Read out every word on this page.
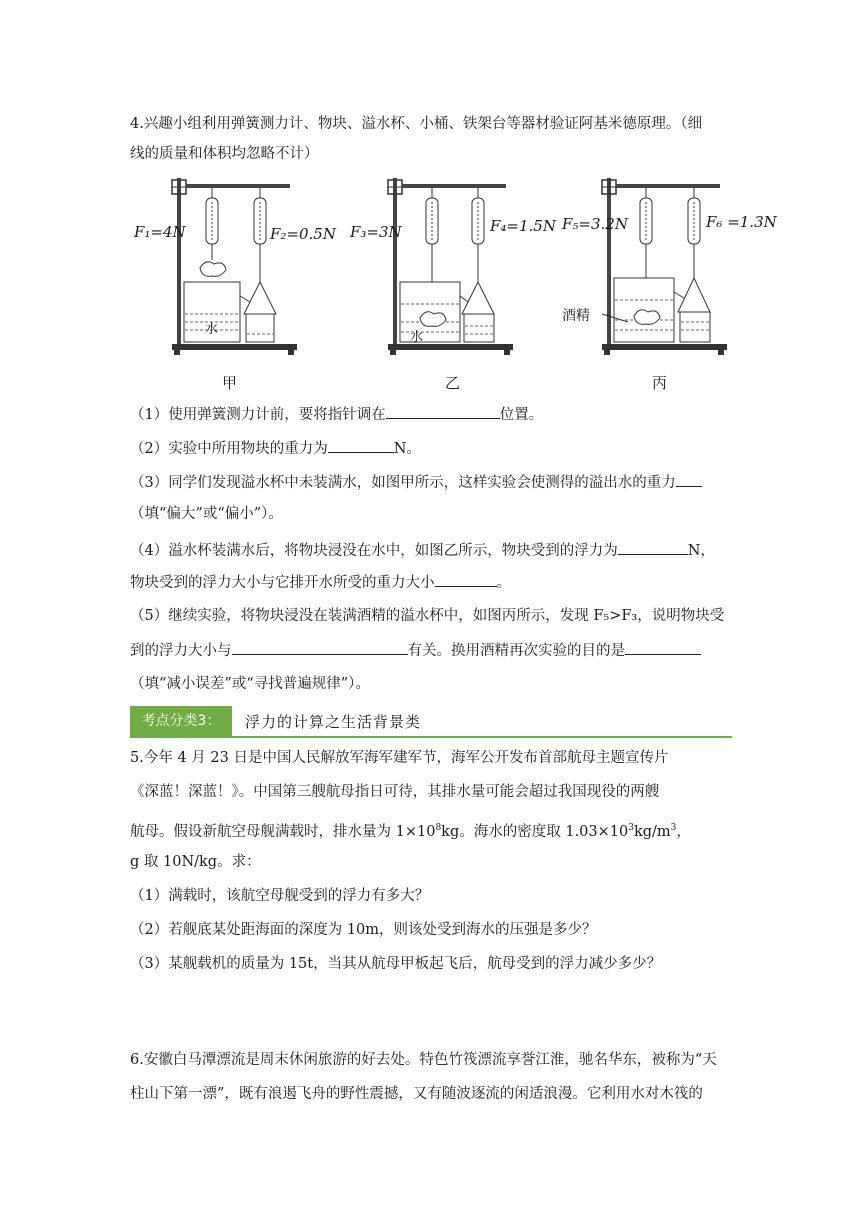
4.兴趣小组利用弹簧测力计、物块、溢水杯、小桶、铁架台等器材验证阿基米德原理。（细
线的质量和体积均忽略不计）
F₁=4N	F₂=0.5N
水
甲
F₃=3N	F₄=1.5N
水
乙
F₅=3.2N	F₆ =1.3N
酒精
丙
（1）使用弹簧测力计前，要将指针调在	位置。
（2）实验中所用物块的重力为	N。
（3）同学们发现溢水杯中未装满水，如图甲所示，这样实验会使测得的溢出水的重力
（填“偏大”或“偏小”）。
（4）溢水杯装满水后，将物块浸没在水中，如图乙所示，物块受到的浮力为	N，
物块受到的浮力大小与它排开水所受的重力大小	。
（5）继续实验，将物块浸没在装满酒精的溢水杯中，如图丙所示，发现 F₅>F₃，说明物块受
到的浮力大小与	有关。换用酒精再次实验的目的是
（填“减小误差”或“寻找普遍规律”）。
考点分类3：	浮力的计算之生活背景类
5.今年 4 月 23 日是中国人民解放军海军建军节，海军公开发布首部航母主题宣传片
《深蓝！深蓝！》。中国第三艘航母指日可待，其排水量可能会超过我国现役的两艘
航母。假设新航空母舰满载时，排水量为 $1\times 10^8kg$。海水的密度取 $1.03\times 10^3kg/m^3$，
g 取 10N/kg。求：
（1）满载时，该航空母舰受到的浮力有多大？
（2）若舰底某处距海面的深度为 10m，则该处受到海水的压强是多少？
（3）某舰载机的质量为 15t，当其从航母甲板起飞后，航母受到的浮力减少多少？
6.安徽白马潭漂流是周末休闲旅游的好去处。特色竹筏漂流享誉江淮，驰名华东，被称为“天
柱山下第一漂”，既有浪遏飞舟的野性震撼，又有随波逐流的闲适浪漫。它利用水对木筏的
